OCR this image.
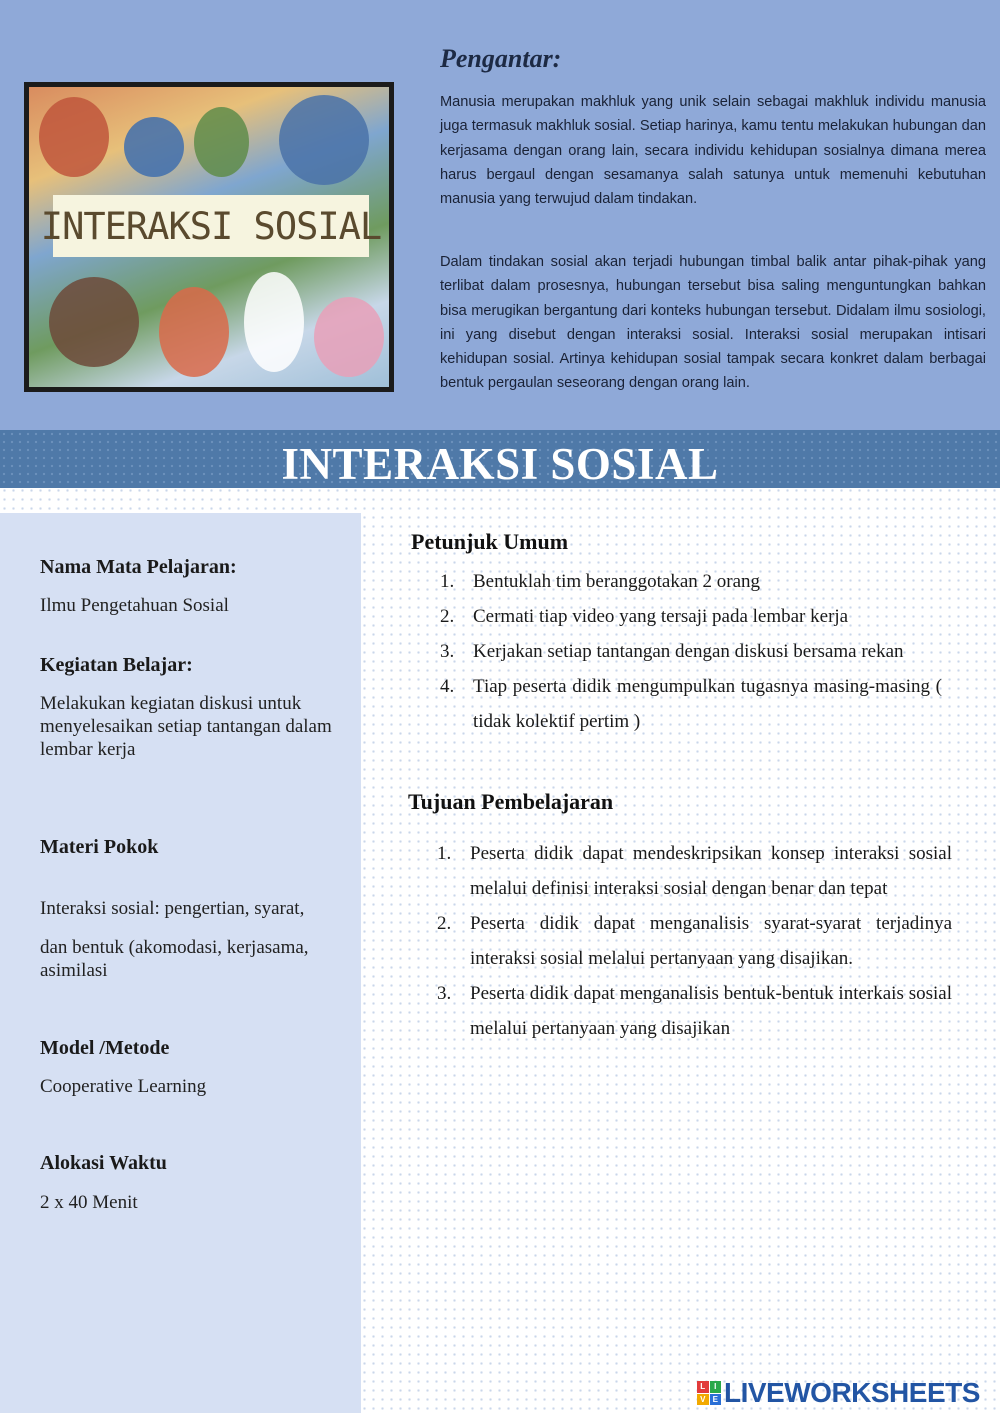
INTERAKSI SOSIAL
Pengantar:

Manusia merupakan makhluk yang unik selain sebagai makhluk individu manusia juga termasuk makhluk sosial. Setiap harinya, kamu tentu melakukan hubungan dan kerjasama dengan orang lain, secara individu kehidupan sosialnya dimana merea harus bergaul dengan sesamanya salah satunya untuk memenuhi kebutuhan manusia yang terwujud dalam tindakan.

Dalam tindakan sosial akan terjadi hubungan timbal balik antar pihak-pihak yang terlibat dalam prosesnya, hubungan tersebut bisa saling menguntungkan bahkan bisa merugikan bergantung dari konteks hubungan tersebut. Didalam ilmu sosiologi, ini yang disebut dengan interaksi sosial. Interaksi sosial merupakan intisari kehidupan sosial. Artinya kehidupan sosial tampak secara konkret dalam berbagai bentuk pergaulan seseorang dengan orang lain.

INTERAKSI SOSIAL
Nama Mata Pelajaran:
Ilmu Pengetahuan Sosial
Kegiatan Belajar:
Melakukan kegiatan diskusi untuk menyelesaikan setiap tantangan dalam lembar kerja
Materi Pokok
Interaksi sosial: pengertian, syarat,
dan bentuk (akomodasi, kerjasama, asimilasi
Model /Metode
Cooperative Learning
Alokasi Waktu
2 x 40 Menit
Petunjuk Umum
1. Bentuklah tim beranggotakan 2 orang
2. Cermati tiap video yang tersaji pada lembar kerja
3. Kerjakan setiap tantangan dengan diskusi bersama rekan
4. Tiap peserta didik mengumpulkan tugasnya masing-masing ( tidak kolektif pertim )
Tujuan Pembelajaran
1. Peserta didik dapat mendeskripsikan konsep interaksi sosial melalui definisi interaksi sosial dengan benar dan tepat
2. Peserta didik dapat menganalisis syarat-syarat terjadinya interaksi sosial melalui pertanyaan yang disajikan.
3. Peserta didik dapat menganalisis bentuk-bentuk interkais sosial melalui pertanyaan yang disajikan
L	I
V E LIVEWORKSHEETS
